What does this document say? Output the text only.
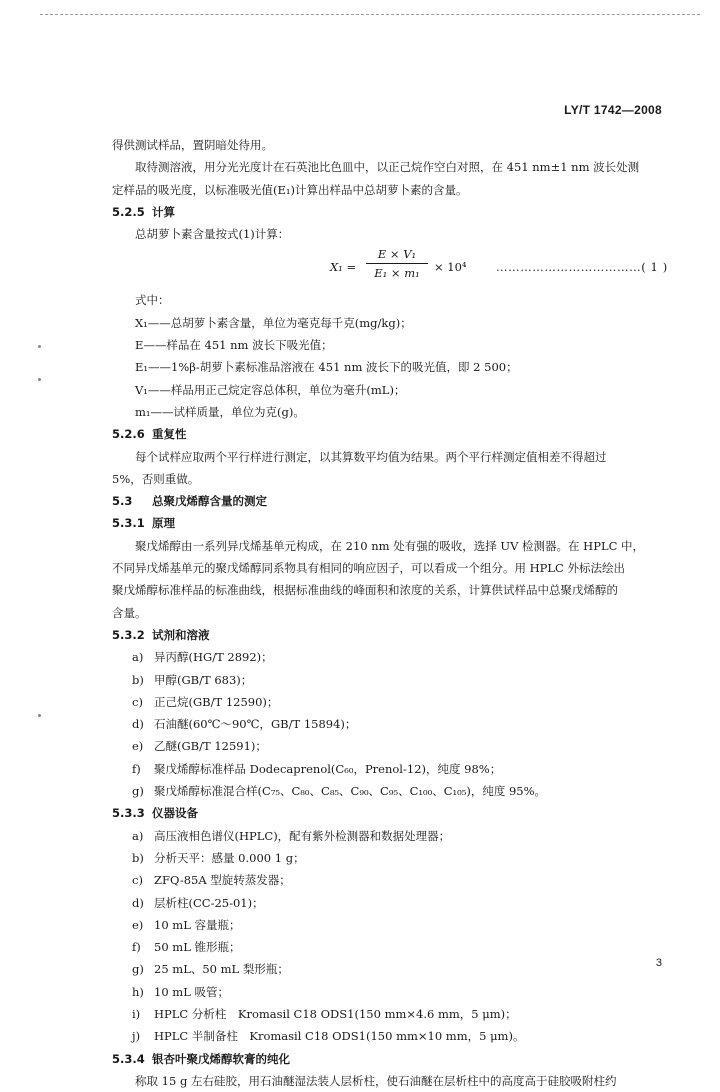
LY/T 1742—2008
得供测试样品，置阴暗处待用。
取待测溶液，用分光光度计在石英池比色皿中，以正己烷作空白对照，在 451 nm±1 nm 波长处测
定样品的吸光度，以标准吸光值(E₁)计算出样品中总胡萝卜素的含量。
5.2.5 计算
总胡萝卜素含量按式(1)计算：
$X_1 = \frac{\text{E × V₁}}{\text{E₁ × m₁}} \times 10^4$	………………………………( 1 )
式中：
X₁——总胡萝卜素含量，单位为毫克每千克(mg/kg)；
E——样品在 451 nm 波长下吸光值；
E₁——1%β-胡萝卜素标准品溶液在 451 nm 波长下的吸光值，即 2 500；
V₁——样品用正己烷定容总体积，单位为毫升(mL)；
m₁——试样质量，单位为克(g)。
5.2.6 重复性
每个试样应取两个平行样进行测定，以其算数平均值为结果。两个平行样测定值相差不得超过
5%，否则重做。
5.3 总聚戊烯醇含量的测定
5.3.1 原理
聚戊烯醇由一系列异戊烯基单元构成，在 210 nm 处有强的吸收，选择 UV 检测器。在 HPLC 中，
不同异戊烯基单元的聚戊烯醇同系物具有相同的响应因子，可以看成一个组分。用 HPLC 外标法绘出
聚戊烯醇标准样品的标准曲线，根据标准曲线的峰面积和浓度的关系，计算供试样品中总聚戊烯醇的
含量。
5.3.2 试剂和溶液
a) 异丙醇(HG/T 2892)；
b) 甲醇(GB/T 683)；
c) 正己烷(GB/T 12590)；
d) 石油醚(60℃～90℃，GB/T 15894)；
e) 乙醚(GB/T 12591)；
f) 聚戊烯醇标准样品 Dodecaprenol(C₆₀，Prenol-12)，纯度 98%；
g) 聚戊烯醇标准混合样(C₇₅、C₈₀、C₈₅、C₉₀、C₉₅、C₁₀₀、C₁₀₅)，纯度 95%。
5.3.3 仪器设备
a) 高压液相色谱仪(HPLC)，配有紫外检测器和数据处理器；
b) 分析天平：感量 0.000 1 g；
c) ZFQ-85A 型旋转蒸发器；
d) 层析柱(CC-25-01)；
e) 10 mL 容量瓶；
f) 50 mL 锥形瓶；
g) 25 mL、50 mL 梨形瓶；
h) 10 mL 吸管；
i) HPLC 分析柱　Kromasil C18 ODS1(150 mm×4.6 mm，5 μm)；
j) HPLC 半制备柱　Kromasil C18 ODS1(150 mm×10 mm，5 μm)。
5.3.4 银杏叶聚戊烯醇软膏的纯化
称取 15 g 左右硅胶，用石油醚湿法装人层析柱，使石油醚在层析柱中的高度高于硅胶吸附柱约
3
